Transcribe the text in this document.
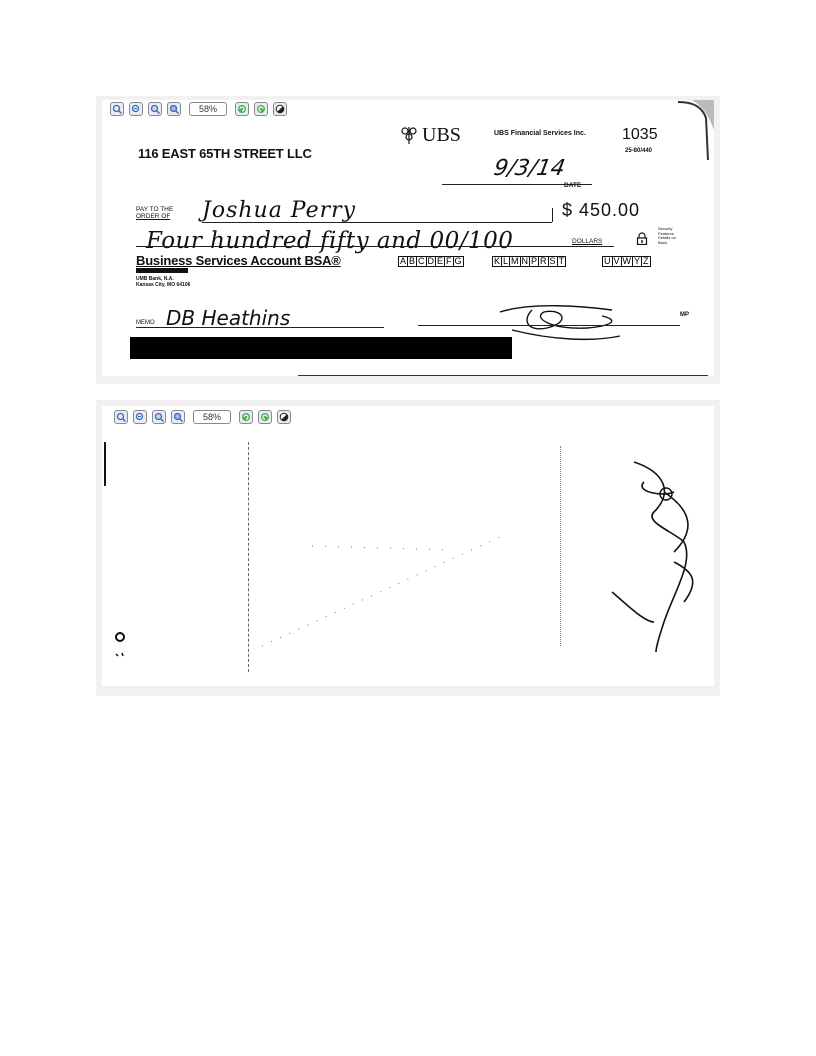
58%
116 EAST 65TH STREET LLC
UBS	UBS Financial Services Inc. 1035
25-80/440
9/3/14
DATE
PAY TO THE
ORDER OF Joshua Perry	$ 450.00
Four hundred fifty and 00/100	DOLLARS
Security Features Details on Back.
Business Services Account BSA®
UMB Bank, N.A.
Kansas City, MO 64106
A B C D E F G	K L M N P R S T	U V W Y Z
MEMO DB Heathins	MP
58%
